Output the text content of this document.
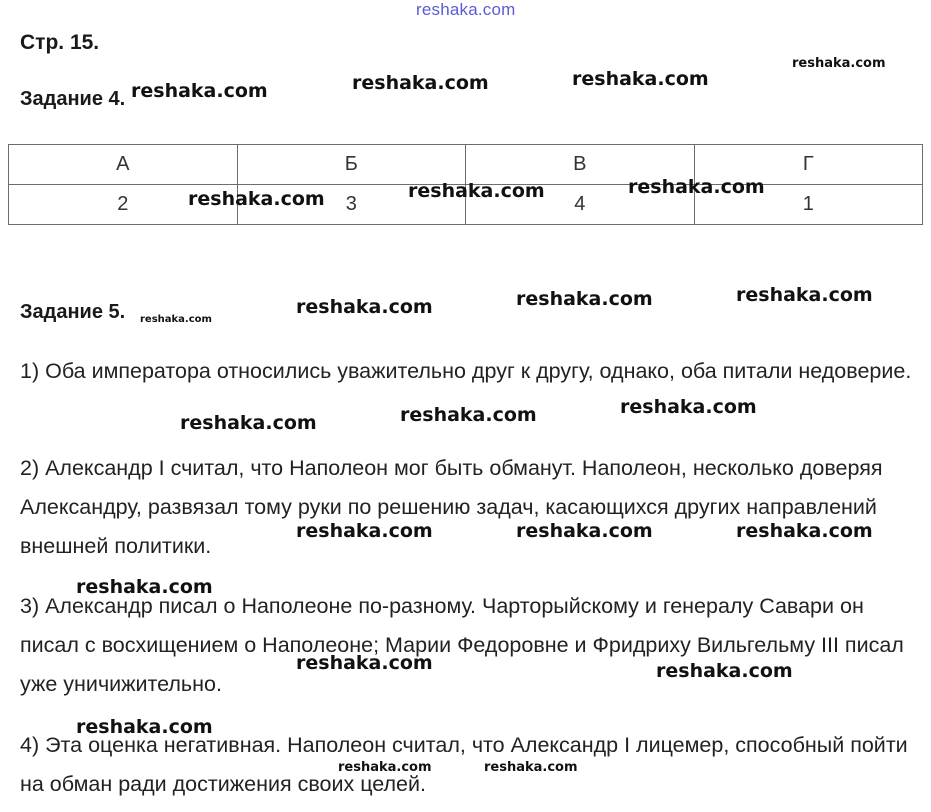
reshaka.com
Стр. 15.
Задание 4.
А	Б	В	Г
2	3	4	1
Задание 5.

1) Оба императора относились уважительно друг к другу, однако, оба питали недоверие.

2) Александр I считал, что Наполеон мог быть обманут. Наполеон, несколько доверяя Александру, развязал тому руки по решению задач, касающихся других направлений внешней политики.

3) Александр писал о Наполеоне по-разному. Чарторыйскому и генералу Савари он писал с восхищением о Наполеоне; Марии Федоровне и Фридриху Вильгельму III писал уже уничижительно.

4) Эта оценка негативная. Наполеон считал, что Александр I лицемер, способный пойти на обман ради достижения своих целей.

reshaka.com	reshaka.com	reshaka.com
reshaka.com
reshaka.com	reshaka.com	reshaka.com
reshaka.com
reshaka.com	reshaka.com	reshaka.com
reshaka.com	reshaka.com	reshaka.com
reshaka.com	reshaka.com	reshaka.com
reshaka.com
reshaka.com	reshaka.com
reshaka.com
reshaka.com	reshaka.com
